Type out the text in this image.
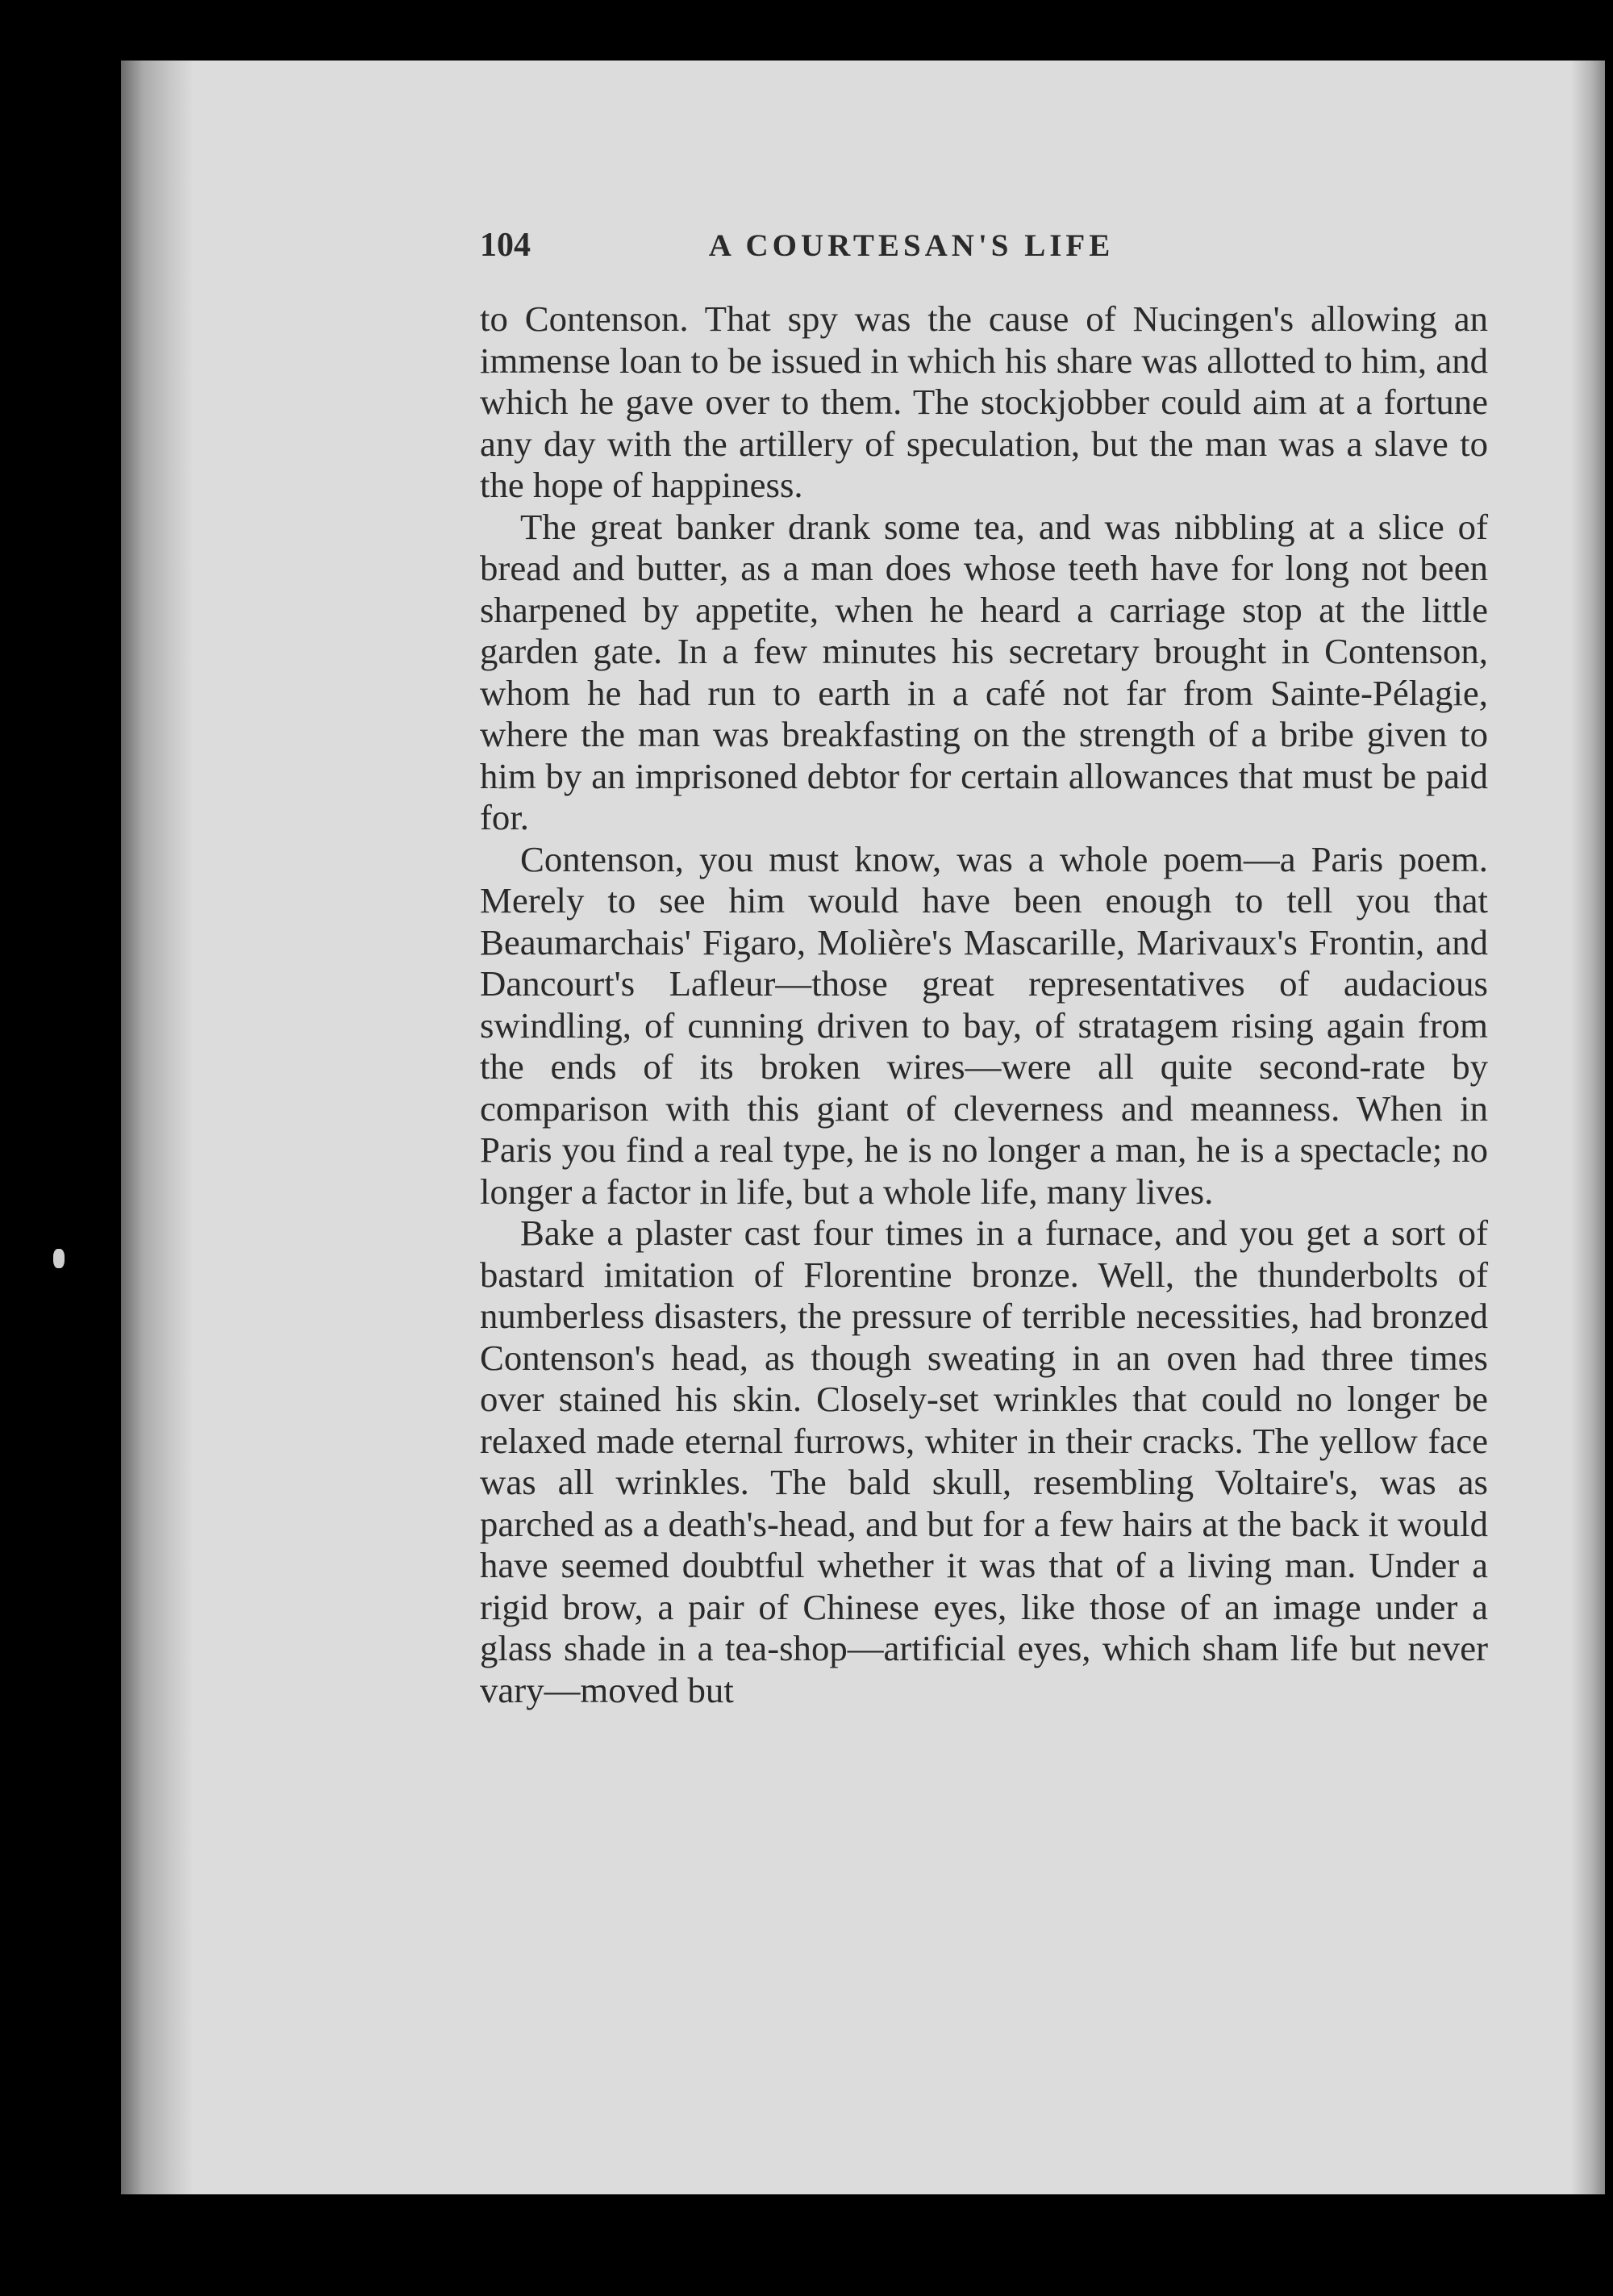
104	A COURTESAN'S LIFE

to Contenson. That spy was the cause of Nucingen's allowing an immense loan to be issued in which his share was allotted to him, and which he gave over to them. The stockjobber could aim at a fortune any day with the artillery of speculation, but the man was a slave to the hope of happiness.

The great banker drank some tea, and was nibbling at a slice of bread and butter, as a man does whose teeth have for long not been sharpened by appetite, when he heard a carriage stop at the little garden gate. In a few minutes his secretary brought in Contenson, whom he had run to earth in a café not far from Sainte-Pélagie, where the man was breakfasting on the strength of a bribe given to him by an imprisoned debtor for certain allowances that must be paid for.

Contenson, you must know, was a whole poem—a Paris poem. Merely to see him would have been enough to tell you that Beaumarchais' Figaro, Molière's Mascarille, Marivaux's Frontin, and Dancourt's Lafleur—those great representatives of audacious swindling, of cunning driven to bay, of stratagem rising again from the ends of its broken wires—were all quite second-rate by comparison with this giant of cleverness and meanness. When in Paris you find a real type, he is no longer a man, he is a spectacle; no longer a factor in life, but a whole life, many lives.

Bake a plaster cast four times in a furnace, and you get a sort of bastard imitation of Florentine bronze. Well, the thunderbolts of numberless disasters, the pressure of terrible necessities, had bronzed Contenson's head, as though sweating in an oven had three times over stained his skin. Closely-set wrinkles that could no longer be relaxed made eternal furrows, whiter in their cracks. The yellow face was all wrinkles. The bald skull, resembling Voltaire's, was as parched as a death's-head, and but for a few hairs at the back it would have seemed doubtful whether it was that of a living man. Under a rigid brow, a pair of Chinese eyes, like those of an image under a glass shade in a tea-shop—artificial eyes, which sham life but never vary—moved but
